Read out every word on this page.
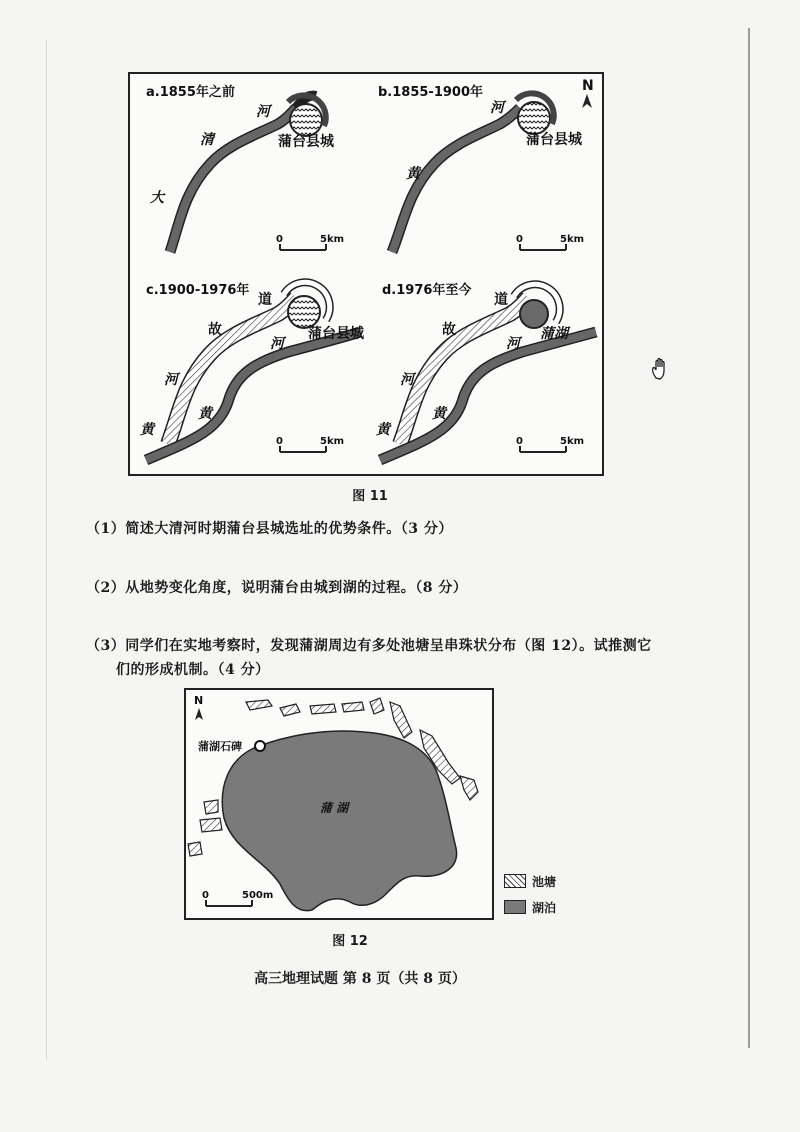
a.1855年之前
大
清
河
蒲台县城
0	5km
b.1855-1900年
黄
河
蒲台县城
N
0	5km
c.1900-1976年
故
道
河
黄
黄
河
蒲台县城
0	5km
d.1976年至今
故
道
河
黄
黄
河
蒲湖
0	5km
图 11
（1）简述大清河时期蒲台县城选址的优势条件。（3 分）
（2）从地势变化角度，说明蒲台由城到湖的过程。（8 分）
（3）同学们在实地考察时，发现蒲湖周边有多处池塘呈串珠状分布（图 12）。试推测它
们的形成机制。（4 分）
N
蒲湖石碑
蒲 湖
0	500m
池塘
湖泊
图 12
高三地理试题 第 8 页（共 8 页）
